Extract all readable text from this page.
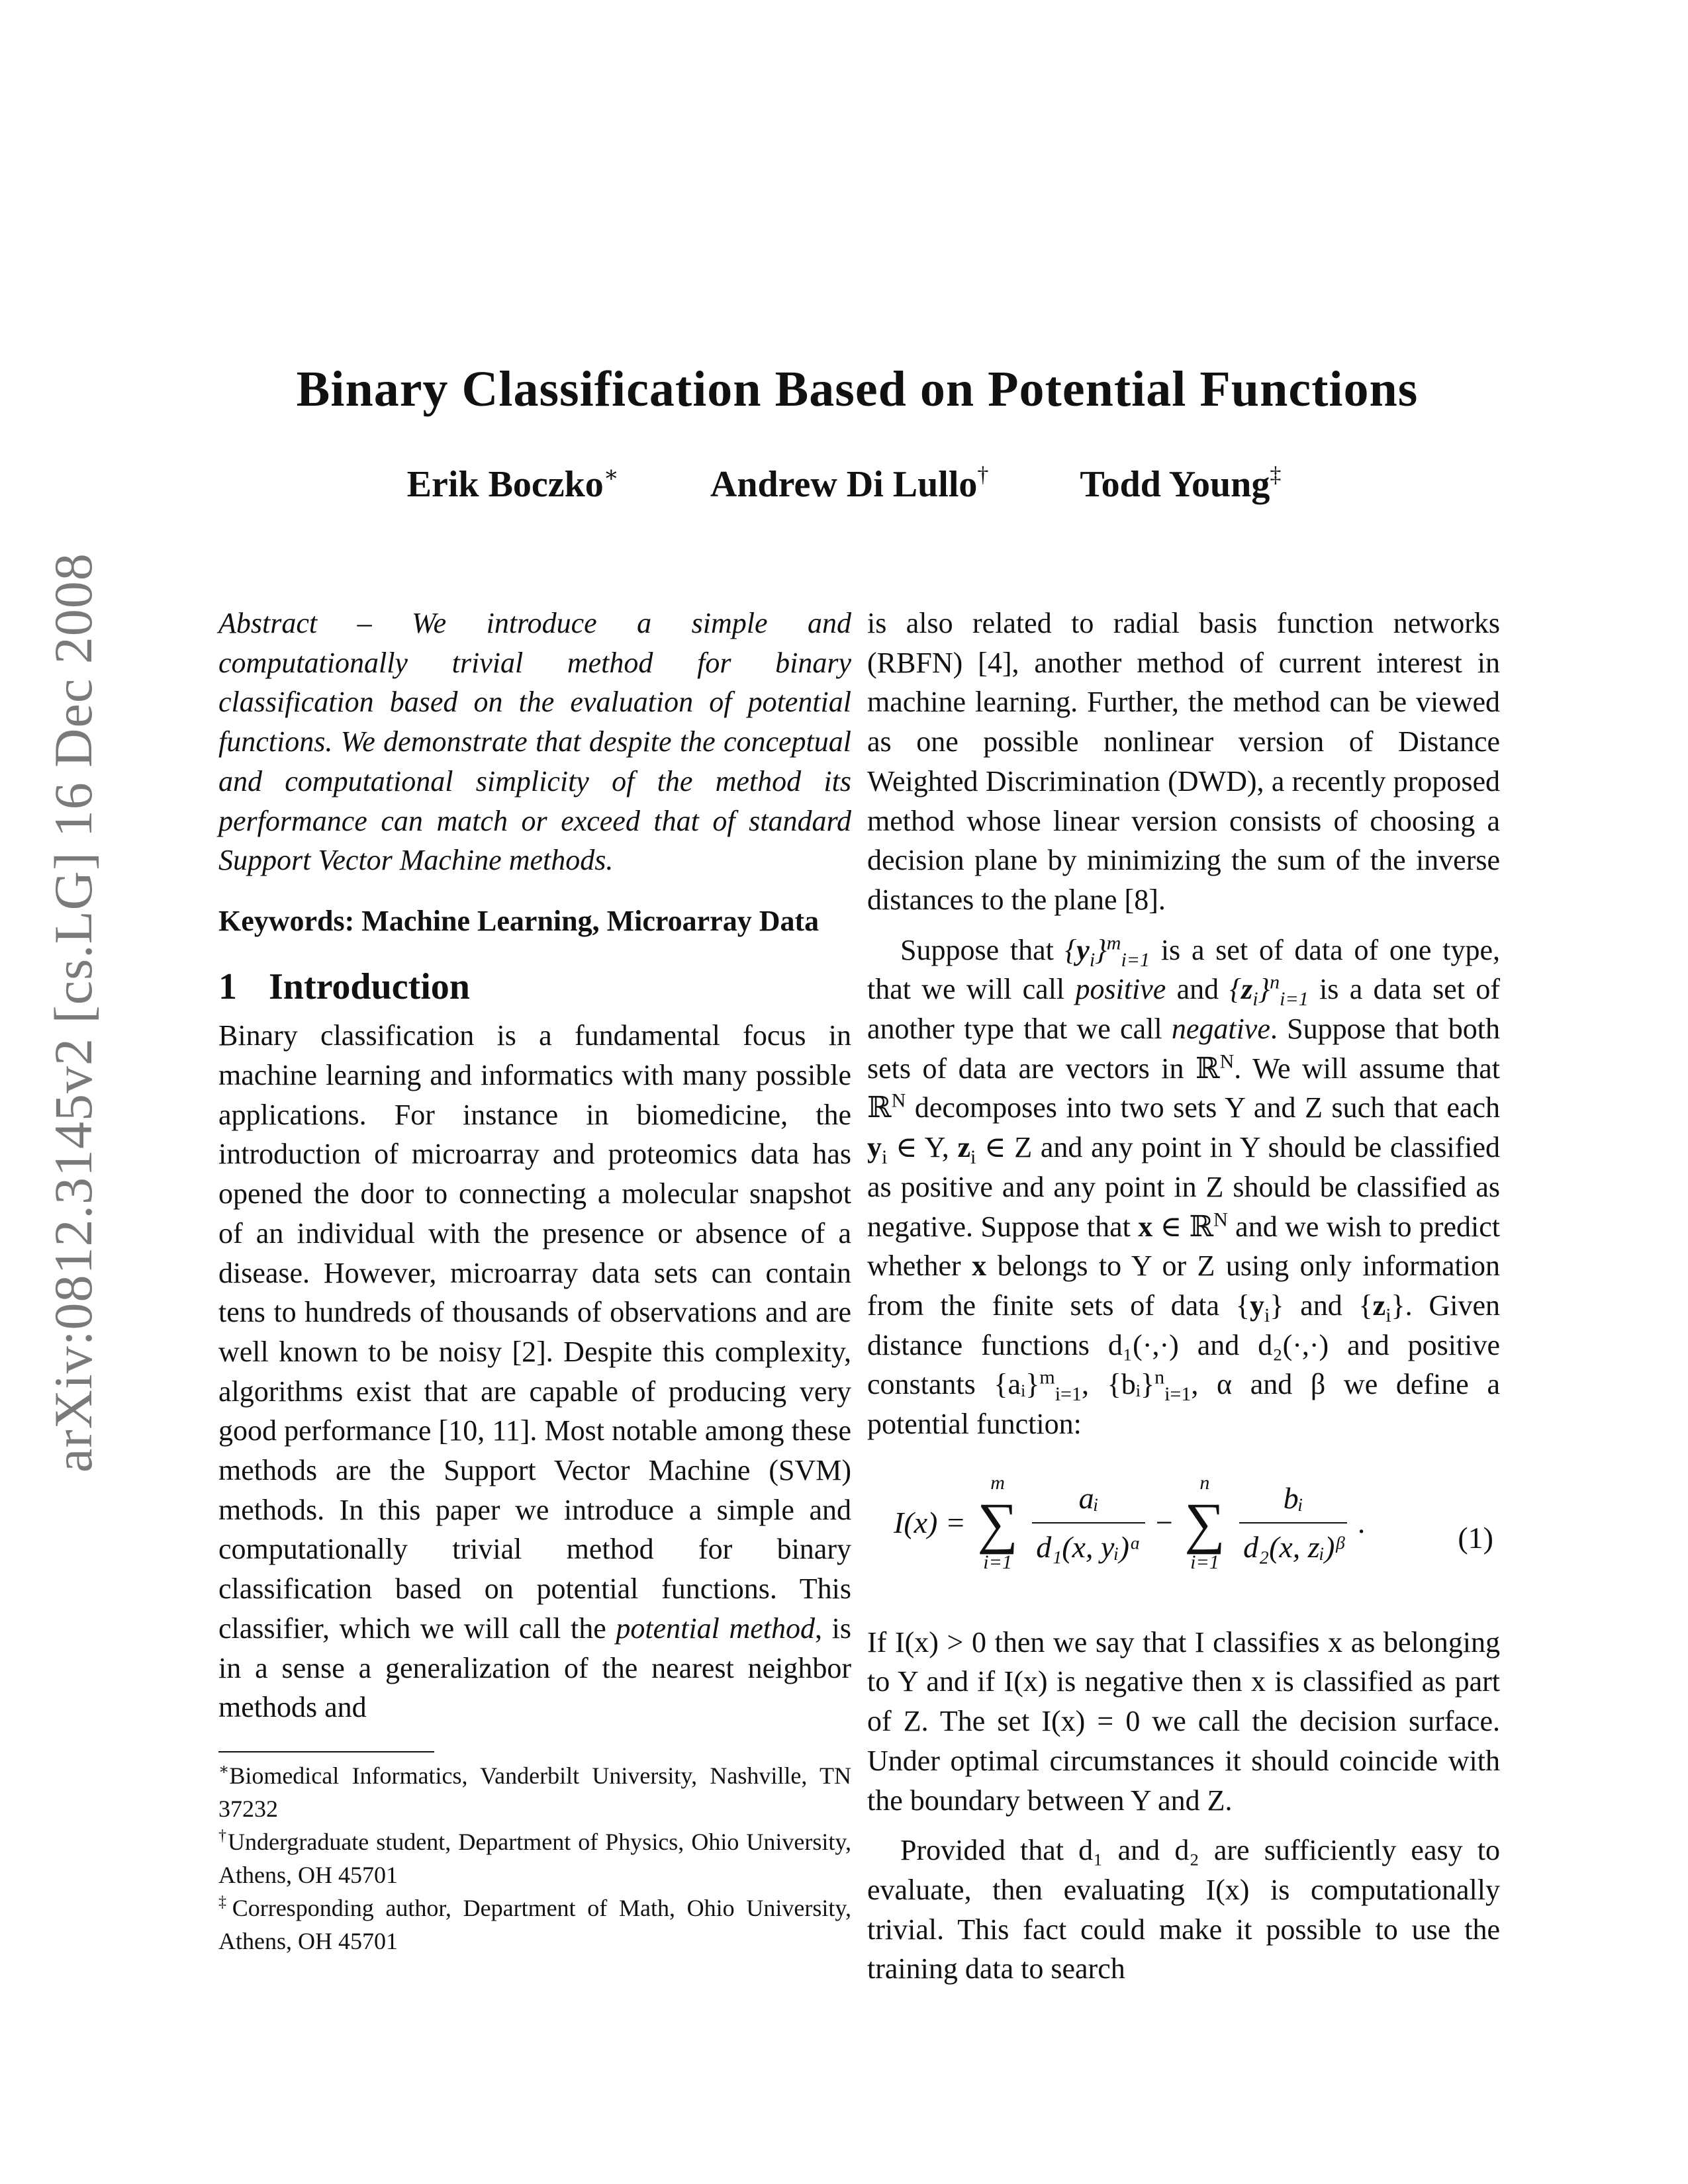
arXiv:0812.3145v2 [cs.LG] 16 Dec 2008
Binary Classification Based on Potential Functions
Erik Boczko∗ Andrew Di Lullo† Todd Young‡

Abstract – We introduce a simple and computationally trivial method for binary classification based on the evaluation of potential functions. We demonstrate that despite the conceptual and computational simplicity of the method its performance can match or exceed that of standard Support Vector Machine methods.

Keywords: Machine Learning, Microarray Data

1 Introduction

Binary classification is a fundamental focus in machine learning and informatics with many possible applications. For instance in biomedicine, the introduction of microarray and proteomics data has opened the door to connecting a molecular snapshot of an individual with the presence or absence of a disease. However, microarray data sets can contain tens to hundreds of thousands of observations and are well known to be noisy [2]. Despite this complexity, algorithms exist that are capable of producing very good performance [10, 11]. Most notable among these methods are the Support Vector Machine (SVM) methods. In this paper we introduce a simple and computationally trivial method for binary classification based on potential functions. This classifier, which we will call the potential method, is in a sense a generalization of the nearest neighbor methods and

∗Biomedical Informatics, Vanderbilt University, Nashville, TN 37232

†Undergraduate student, Department of Physics, Ohio University, Athens, OH 45701

‡Corresponding author, Department of Math, Ohio University, Athens, OH 45701

is also related to radial basis function networks (RBFN) [4], another method of current interest in machine learning. Further, the method can be viewed as one possible nonlinear version of Distance Weighted Discrimination (DWD), a recently proposed method whose linear version consists of choosing a decision plane by minimizing the sum of the inverse distances to the plane [8].

Suppose that $\{y_i\}^m_{i=1}$ is a set of data of one type, that we will call positive and $\{z_i\}^n_{i=1}$ is a data set of another type that we call negative. Suppose that both sets of data are vectors in ℝ$^N$. We will assume that ℝ$^N$ decomposes into two sets Y and Z such that each $y_i$ ∈ Y, $z_i$ ∈ Z and any point in Y should be classified as positive and any point in Z should be classified as negative. Suppose that x ∈ ℝ$^N$ and we wish to predict whether x belongs to Y or Z using only information from the finite sets of data $\{y_i\}$ and $\{z_i\}$. Given distance functions d₁(·,·) and d₂(·,·) and positive constants {aᵢ}$^m_{i=1}$, {bᵢ}$^n_{i=1}$, α and β we define a potential function:

I(x) =
m
∑
i=1
$\frac{\text{aᵢ}}{\text{d₁(x, yᵢ)ᵅ}}$ −
n
∑
i=1
$\frac{\text{bᵢ}}{\text{d₂(x, zᵢ)ᵝ}}$ .	(1)

If I(x) > 0 then we say that I classifies x as belonging to Y and if I(x) is negative then x is classified as part of Z. The set I(x) = 0 we call the decision surface. Under optimal circumstances it should coincide with the boundary between Y and Z.

Provided that d₁ and d₂ are sufficiently easy to evaluate, then evaluating I(x) is computationally trivial. This fact could make it possible to use the training data to search
